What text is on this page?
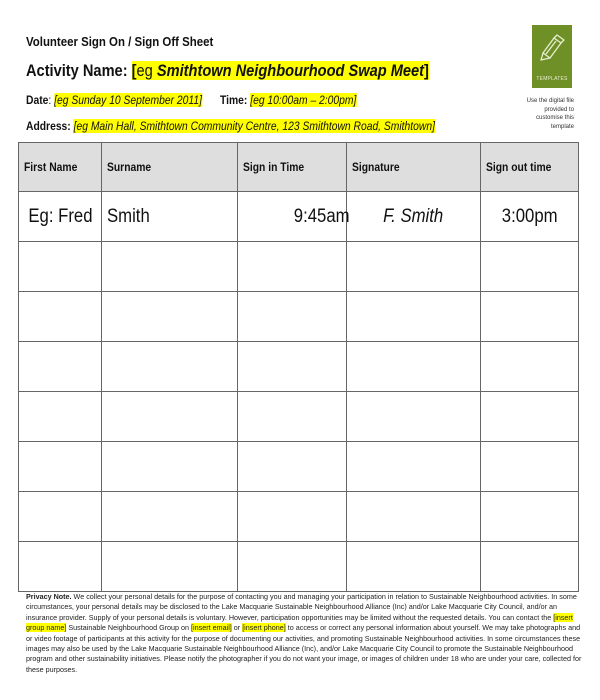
Volunteer Sign On / Sign Off Sheet
Activity Name: [eg Smithtown Neighbourhood Swap Meet]
Date: [eg Sunday 10 September 2011] Time: [eg 10:00am – 2:00pm]
Address: [eg Main Hall, Smithtown Community Centre, 123 Smithtown Road, Smithtown]
TEMPLATES
Use the digital file provided to customise this template
First Name	Surname	Sign in Time	Signature	Sign out time
Eg: Fred	Smith	9:45am	F. Smith	3:00pm

Privacy Note. We collect your personal details for the purpose of contacting you and managing your participation in relation to Sustainable Neighbourhood activities. In some circumstances, your personal details may be disclosed to the Lake Macquarie Sustainable Neighbourhood Alliance (Inc) and/or Lake Macquarie City Council, and/or an insurance provider. Supply of your personal details is voluntary. However, participation opportunities may be limited without the requested details. You can contact the [insert group name] Sustainable Neighbourhood Group on [insert email] or [insert phone] to access or correct any personal information about yourself. We may take photographs and or video footage of participants at this activity for the purpose of documenting our activities, and promoting Sustainable Neighbourhood activities. In some circumstances these images may also be used by the Lake Macquarie Sustainable Neighbourhood Alliance (Inc), and/or Lake Macquarie City Council to promote the Sustainable Neighbourhood program and other sustainability initiatives. Please notify the photographer if you do not want your image, or images of children under 18 who are under your care, collected for these purposes.
